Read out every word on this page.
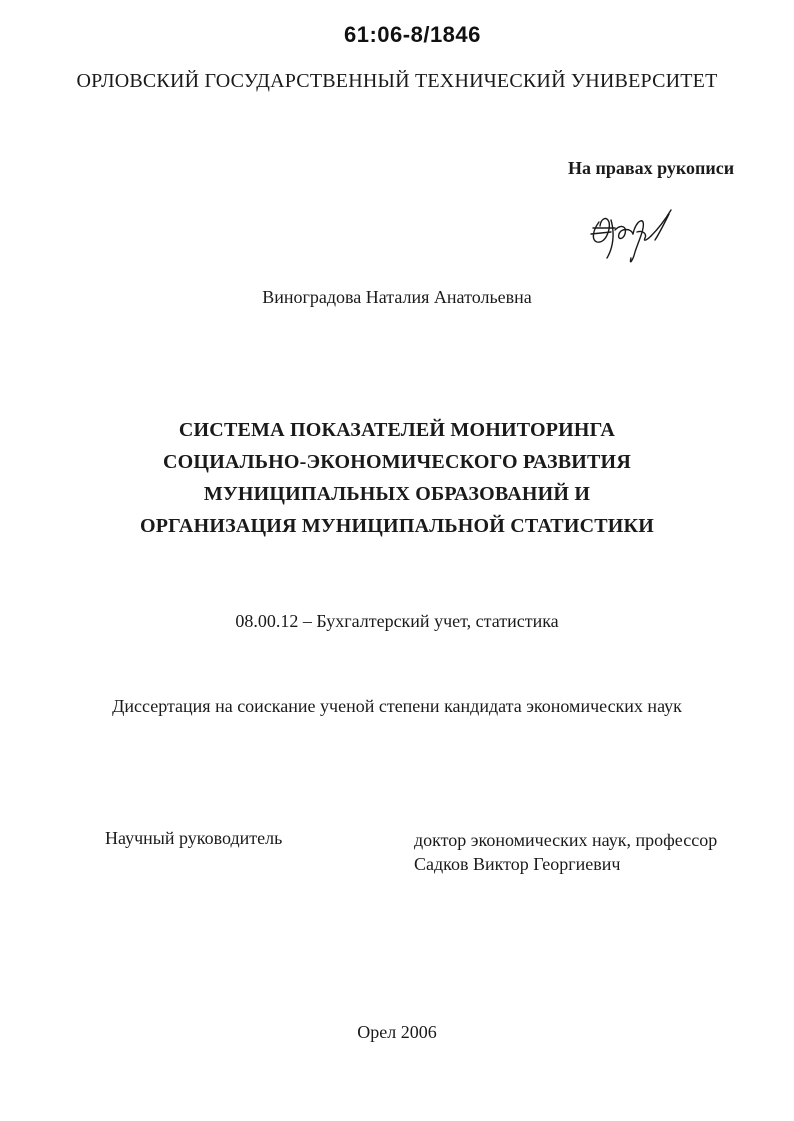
61:06-8/1846
ОРЛОВСКИЙ ГОСУДАРСТВЕННЫЙ ТЕХНИЧЕСКИЙ УНИВЕРСИТЕТ
На правах рукописи
Виноградова Наталия Анатольевна
СИСТЕМА ПОКАЗАТЕЛЕЙ МОНИТОРИНГА
СОЦИАЛЬНО-ЭКОНОМИЧЕСКОГО РАЗВИТИЯ
МУНИЦИПАЛЬНЫХ ОБРАЗОВАНИЙ И
ОРГАНИЗАЦИЯ МУНИЦИПАЛЬНОЙ СТАТИСТИКИ
08.00.12 – Бухгалтерский учет, статистика
Диссертация на соискание ученой степени кандидата экономических наук
Научный руководитель	доктор экономических наук, профессор
Садков Виктор Георгиевич
Орел 2006
